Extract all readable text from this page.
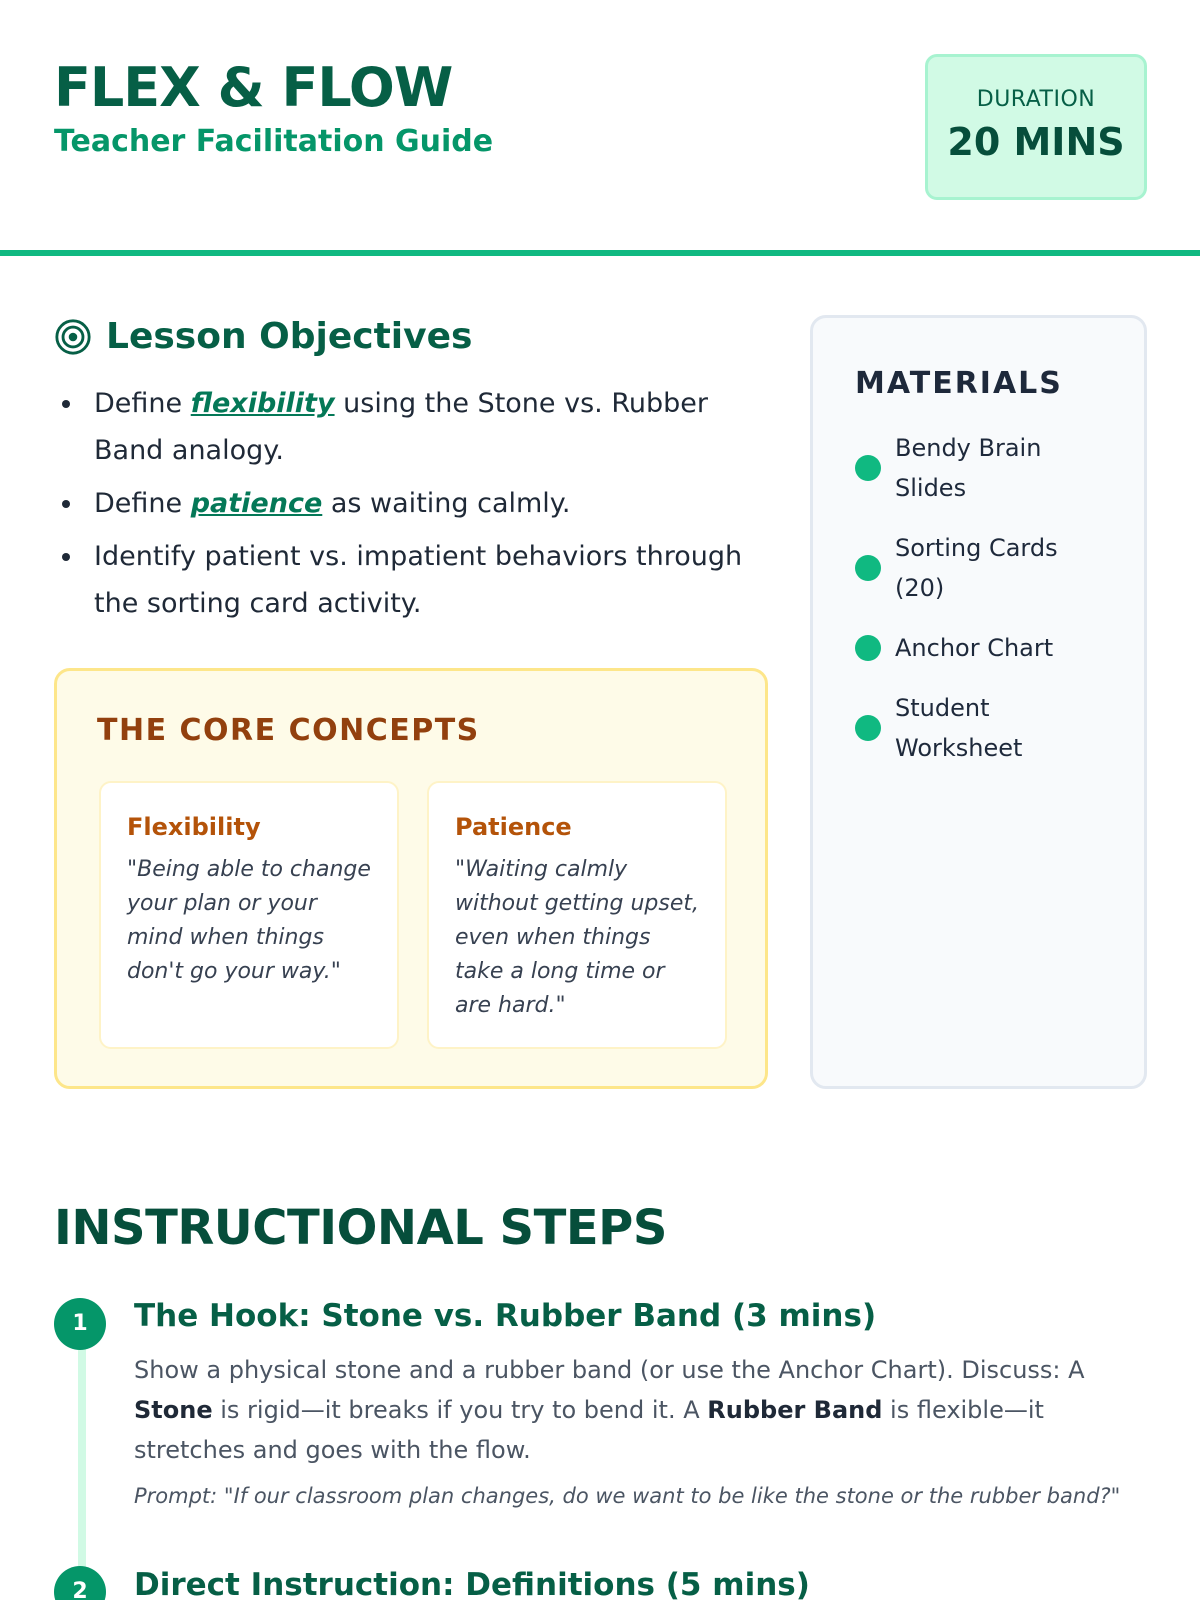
FLEX & FLOW
Teacher Facilitation Guide
DURATION
20 MINS
Lesson Objectives
Define flexibility using the Stone vs. Rubber Band analogy.
Define patience as waiting calmly.
Identify patient vs. impatient behaviors through the sorting card activity.
THE CORE CONCEPTS
Flexibility
"Being able to change your plan or your mind when things don't go your way."
Patience
"Waiting calmly without getting upset, even when things take a long time or are hard."
MATERIALS
Bendy Brain Slides
Sorting Cards (20)
Anchor Chart
Student Worksheet
INSTRUCTIONAL STEPS
1	The Hook: Stone vs. Rubber Band (3 mins)

Show a physical stone and a rubber band (or use the Anchor Chart). Discuss: A Stone is rigid—it breaks if you try to bend it. A Rubber Band is flexible—it stretches and goes with the flow.

Prompt: "If our classroom plan changes, do we want to be like the stone or the rubber band?"
2	Direct Instruction: Definitions (5 mins)
